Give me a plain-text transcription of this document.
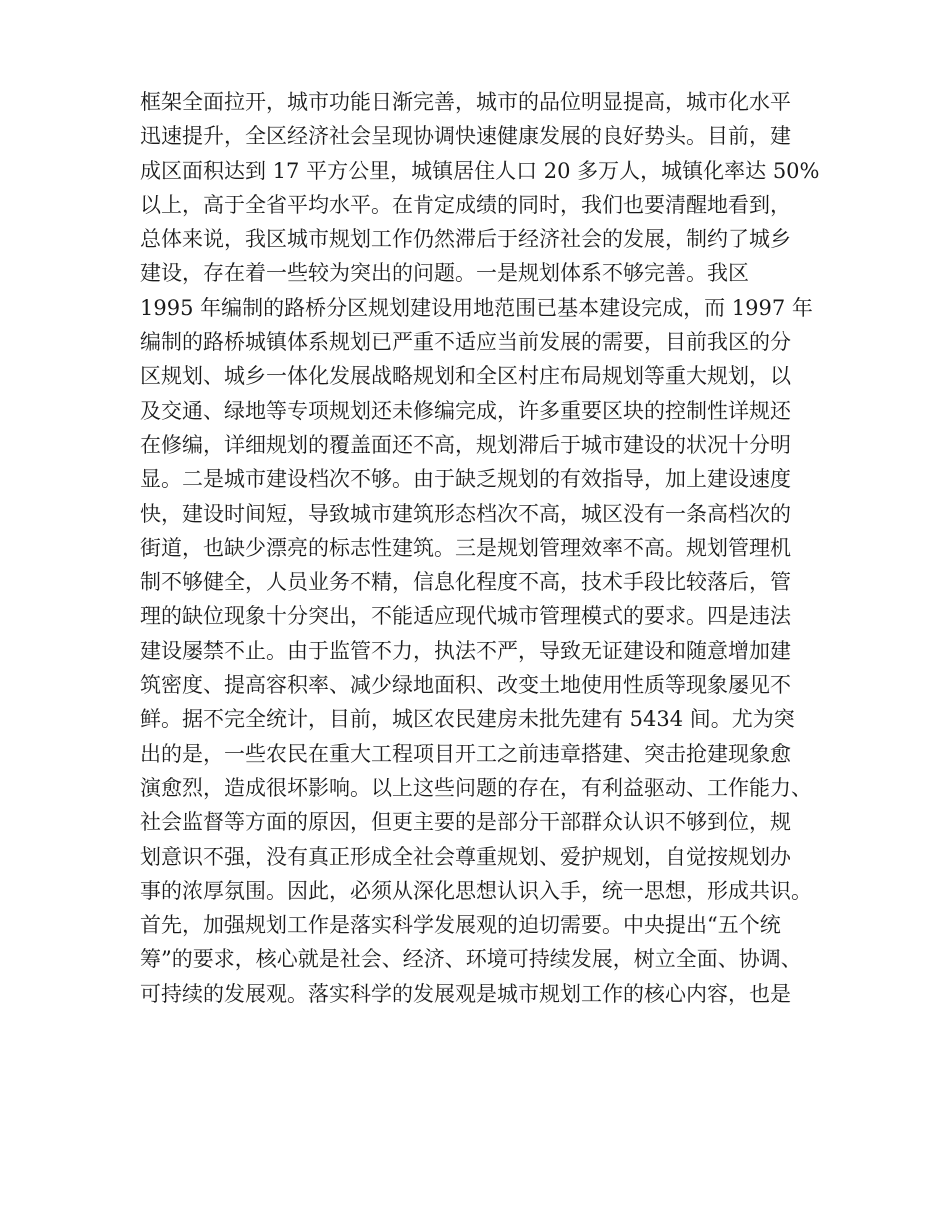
框架全面拉开，城市功能日渐完善，城市的品位明显提高，城市化水平
迅速提升，全区经济社会呈现协调快速健康发展的良好势头。目前，建
成区面积达到 17 平方公里，城镇居住人口 20 多万人，城镇化率达 50%
以上，高于全省平均水平。在肯定成绩的同时，我们也要清醒地看到，
总体来说，我区城市规划工作仍然滞后于经济社会的发展，制约了城乡
建设，存在着一些较为突出的问题。一是规划体系不够完善。我区
1995 年编制的路桥分区规划建设用地范围已基本建设完成，而 1997 年
编制的路桥城镇体系规划已严重不适应当前发展的需要，目前我区的分
区规划、城乡一体化发展战略规划和全区村庄布局规划等重大规划，以
及交通、绿地等专项规划还未修编完成，许多重要区块的控制性详规还
在修编，详细规划的覆盖面还不高，规划滞后于城市建设的状况十分明
显。二是城市建设档次不够。由于缺乏规划的有效指导，加上建设速度
快，建设时间短，导致城市建筑形态档次不高，城区没有一条高档次的
街道，也缺少漂亮的标志性建筑。三是规划管理效率不高。规划管理机
制不够健全，人员业务不精，信息化程度不高，技术手段比较落后，管
理的缺位现象十分突出，不能适应现代城市管理模式的要求。四是违法
建设屡禁不止。由于监管不力，执法不严，导致无证建设和随意增加建
筑密度、提高容积率、减少绿地面积、改变土地使用性质等现象屡见不
鲜。据不完全统计，目前，城区农民建房未批先建有 5434 间。尤为突
出的是，一些农民在重大工程项目开工之前违章搭建、突击抢建现象愈
演愈烈，造成很坏影响。以上这些问题的存在，有利益驱动、工作能力、
社会监督等方面的原因，但更主要的是部分干部群众认识不够到位，规
划意识不强，没有真正形成全社会尊重规划、爱护规划，自觉按规划办
事的浓厚氛围。因此，必须从深化思想认识入手，统一思想，形成共识。
首先，加强规划工作是落实科学发展观的迫切需要。中央提出“五个统
筹”的要求，核心就是社会、经济、环境可持续发展，树立全面、协调、
可持续的发展观。落实科学的发展观是城市规划工作的核心内容，也是
